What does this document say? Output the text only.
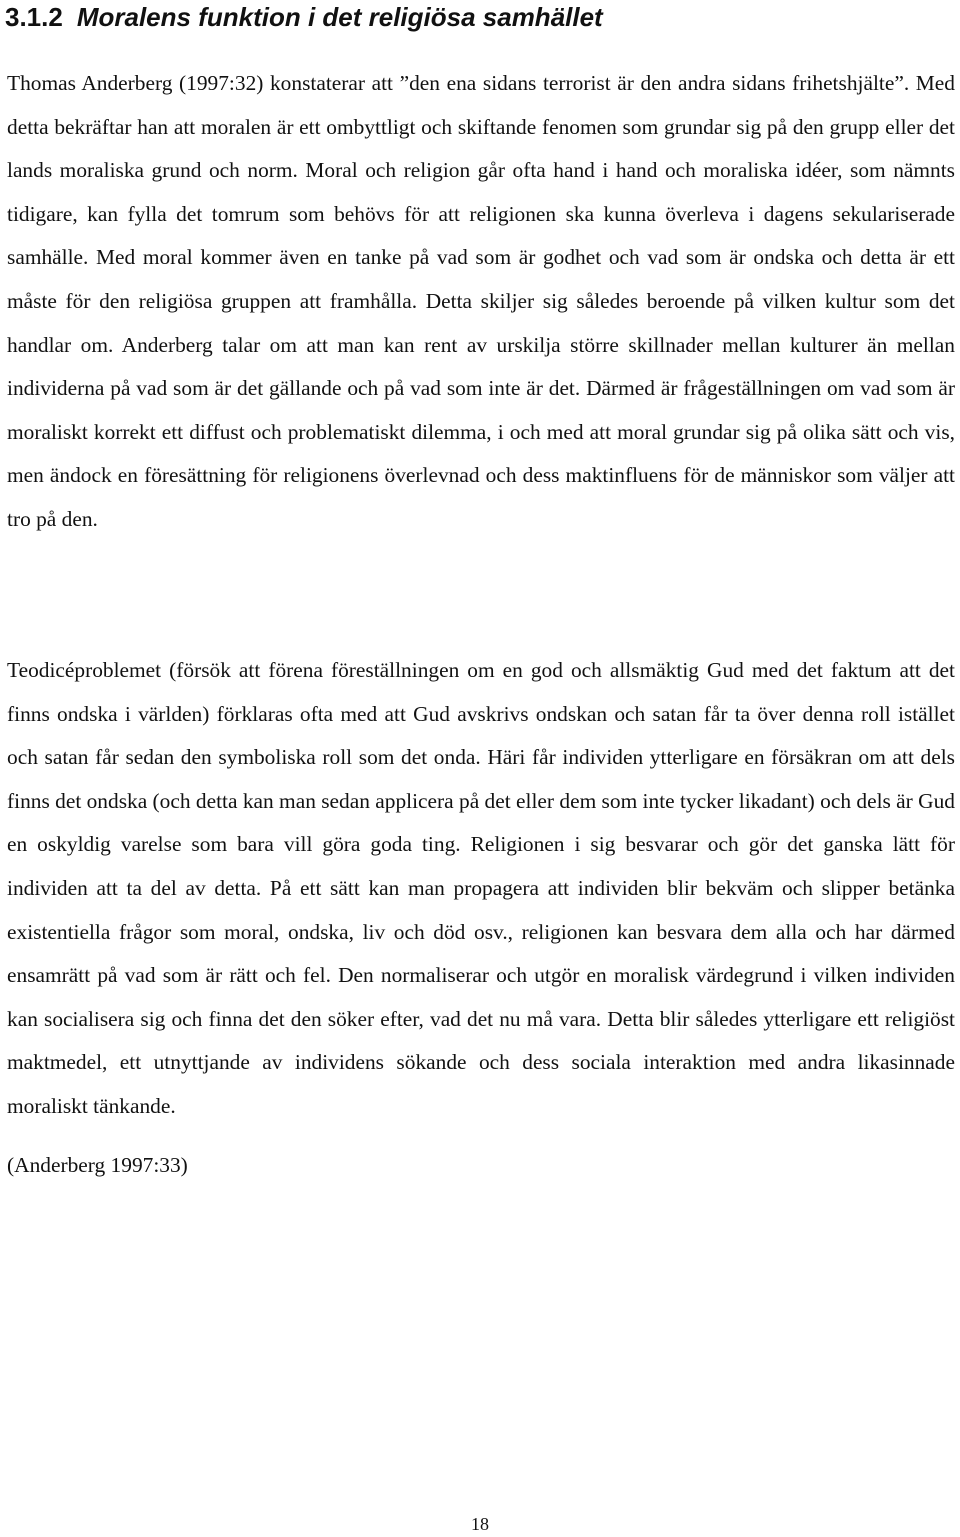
3.1.2 Moralens funktion i det religiösa samhället

Thomas Anderberg (1997:32) konstaterar att ”den ena sidans terrorist är den andra sidans frihetshjälte”. Med detta bekräftar han att moralen är ett ombyttligt och skiftande fenomen som grundar sig på den grupp eller det lands moraliska grund och norm. Moral och religion går ofta hand i hand och moraliska idéer, som nämnts tidigare, kan fylla det tomrum som behövs för att religionen ska kunna överleva i dagens sekulariserade samhälle. Med moral kommer även en tanke på vad som är godhet och vad som är ondska och detta är ett måste för den religiösa gruppen att framhålla. Detta skiljer sig således beroende på vilken kultur som det handlar om. Anderberg talar om att man kan rent av urskilja större skillnader mellan kulturer än mellan individerna på vad som är det gällande och på vad som inte är det. Därmed är frågeställningen om vad som är moraliskt korrekt ett diffust och problematiskt dilemma, i och med att moral grundar sig på olika sätt och vis, men ändock en föresättning för religionens överlevnad och dess maktinfluens för de människor som väljer att tro på den.

Teodicéproblemet (försök att förena föreställningen om en god och allsmäktig Gud med det faktum att det finns ondska i världen) förklaras ofta med att Gud avskrivs ondskan och satan får ta över denna roll istället och satan får sedan den symboliska roll som det onda. Häri får individen ytterligare en försäkran om att dels finns det ondska (och detta kan man sedan applicera på det eller dem som inte tycker likadant) och dels är Gud en oskyldig varelse som bara vill göra goda ting. Religionen i sig besvarar och gör det ganska lätt för individen att ta del av detta. På ett sätt kan man propagera att individen blir bekväm och slipper betänka existentiella frågor som moral, ondska, liv och död osv., religionen kan besvara dem alla och har därmed ensamrätt på vad som är rätt och fel. Den normaliserar och utgör en moralisk värdegrund i vilken individen kan socialisera sig och finna det den söker efter, vad det nu må vara. Detta blir således ytterligare ett religiöst maktmedel, ett utnyttjande av individens sökande och dess sociala interaktion med andra likasinnade moraliskt tänkande.

(Anderberg 1997:33)

18
